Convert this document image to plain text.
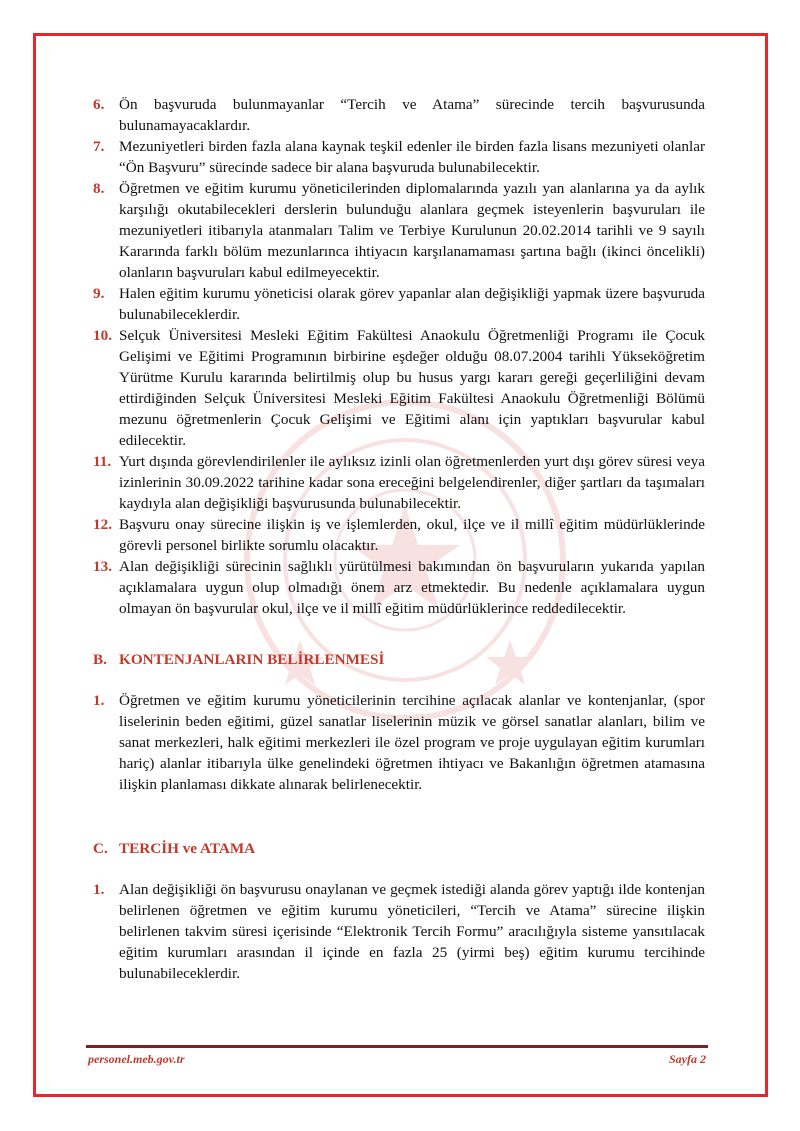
6. Ön başvuruda bulunmayanlar “Tercih ve Atama” sürecinde tercih başvurusunda bulunamayacaklardır.
7. Mezuniyetleri birden fazla alana kaynak teşkil edenler ile birden fazla lisans mezuniyeti olanlar “Ön Başvuru” sürecinde sadece bir alana başvuruda bulunabilecektir.
8. Öğretmen ve eğitim kurumu yöneticilerinden diplomalarında yazılı yan alanlarına ya da aylık karşılığı okutabilecekleri derslerin bulunduğu alanlara geçmek isteyenlerin başvuruları ile mezuniyetleri itibarıyla atanmaları Talim ve Terbiye Kurulunun 20.02.2014 tarihli ve 9 sayılı Kararında farklı bölüm mezunlarınca ihtiyacın karşılanamaması şartına bağlı (ikinci öncelikli) olanların başvuruları kabul edilmeyecektir.
9. Halen eğitim kurumu yöneticisi olarak görev yapanlar alan değişikliği yapmak üzere başvuruda bulunabileceklerdir.
10. Selçuk Üniversitesi Mesleki Eğitim Fakültesi Anaokulu Öğretmenliği Programı ile Çocuk Gelişimi ve Eğitimi Programının birbirine eşdeğer olduğu 08.07.2004 tarihli Yükseköğretim Yürütme Kurulu kararında belirtilmiş olup bu husus yargı kararı gereği geçerliliğini devam ettirdiğinden Selçuk Üniversitesi Mesleki Eğitim Fakültesi Anaokulu Öğretmenliği Bölümü mezunu öğretmenlerin Çocuk Gelişimi ve Eğitimi alanı için yaptıkları başvurular kabul edilecektir.
11. Yurt dışında görevlendirilenler ile aylıksız izinli olan öğretmenlerden yurt dışı görev süresi veya izinlerinin 30.09.2022 tarihine kadar sona ereceğini belgelendirenler, diğer şartları da taşımaları kaydıyla alan değişikliği başvurusunda bulunabilecektir.
12. Başvuru onay sürecine ilişkin iş ve işlemlerden, okul, ilçe ve il millî eğitim müdürlüklerinde görevli personel birlikte sorumlu olacaktır.
13. Alan değişikliği sürecinin sağlıklı yürütülmesi bakımından ön başvuruların yukarıda yapılan açıklamalara uygun olup olmadığı önem arz etmektedir. Bu nedenle açıklamalara uygun olmayan ön başvurular okul, ilçe ve il millî eğitim müdürlüklerince reddedilecektir.
B. KONTENJANLARIN BELİRLENMESİ
1. Öğretmen ve eğitim kurumu yöneticilerinin tercihine açılacak alanlar ve kontenjanlar, (spor liselerinin beden eğitimi, güzel sanatlar liselerinin müzik ve görsel sanatlar alanları, bilim ve sanat merkezleri, halk eğitimi merkezleri ile özel program ve proje uygulayan eğitim kurumları hariç) alanlar itibarıyla ülke genelindeki öğretmen ihtiyacı ve Bakanlığın öğretmen atamasına ilişkin planlaması dikkate alınarak belirlenecektir.
C. TERCİH ve ATAMA
1. Alan değişikliği ön başvurusu onaylanan ve geçmek istediği alanda görev yaptığı ilde kontenjan belirlenen öğretmen ve eğitim kurumu yöneticileri, “Tercih ve Atama” sürecine ilişkin belirlenen takvim süresi içerisinde “Elektronik Tercih Formu” aracılığıyla sisteme yansıtılacak eğitim kurumları arasından il içinde en fazla 25 (yirmi beş) eğitim kurumu tercihinde bulunabileceklerdir.
personel.meb.gov.tr	Sayfa 2
